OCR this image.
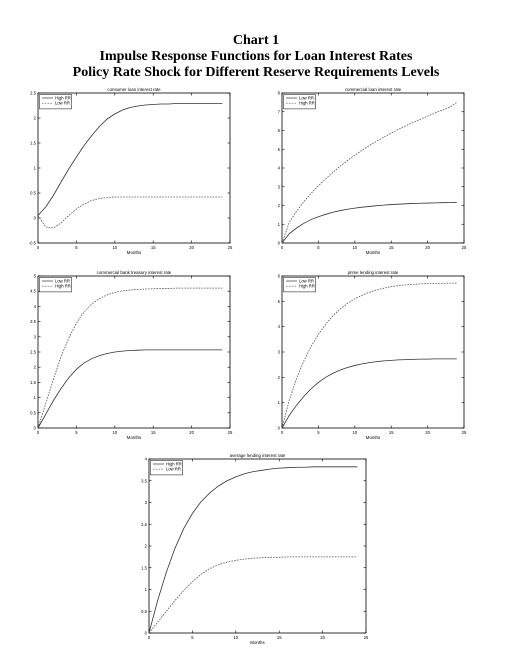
Chart 1
Impulse Response Functions for Loan Interest Rates
Policy Rate Shock for Different Reserve Requirements Levels
0	5	10	15	20	25
-0.5
0
0.5
1
1.5
2
2.5
consumer loan interest rate
Months
High RR
Low RR
0	5	10	15	20	25
0
1
2
3
4
5
6
7
8
commercial loan interest rate
Months
Low RR
High RR
0	5	10	15	20	25
0
0.5
1
1.5
2
2.5
3
3.5
4
4.5
5
commercial bank treasury interest rate
Months
Low RR
High RR
0	5	10	15	20	25
0
1
2
3
4
5
6
prime lending interest rate
Months
Low RR
High RR
0	5	10	15	20	25
0
0.5
1
1.5
2
2.5
3
3.5
4
average lending interest rate
Months
High RR
Low RR
